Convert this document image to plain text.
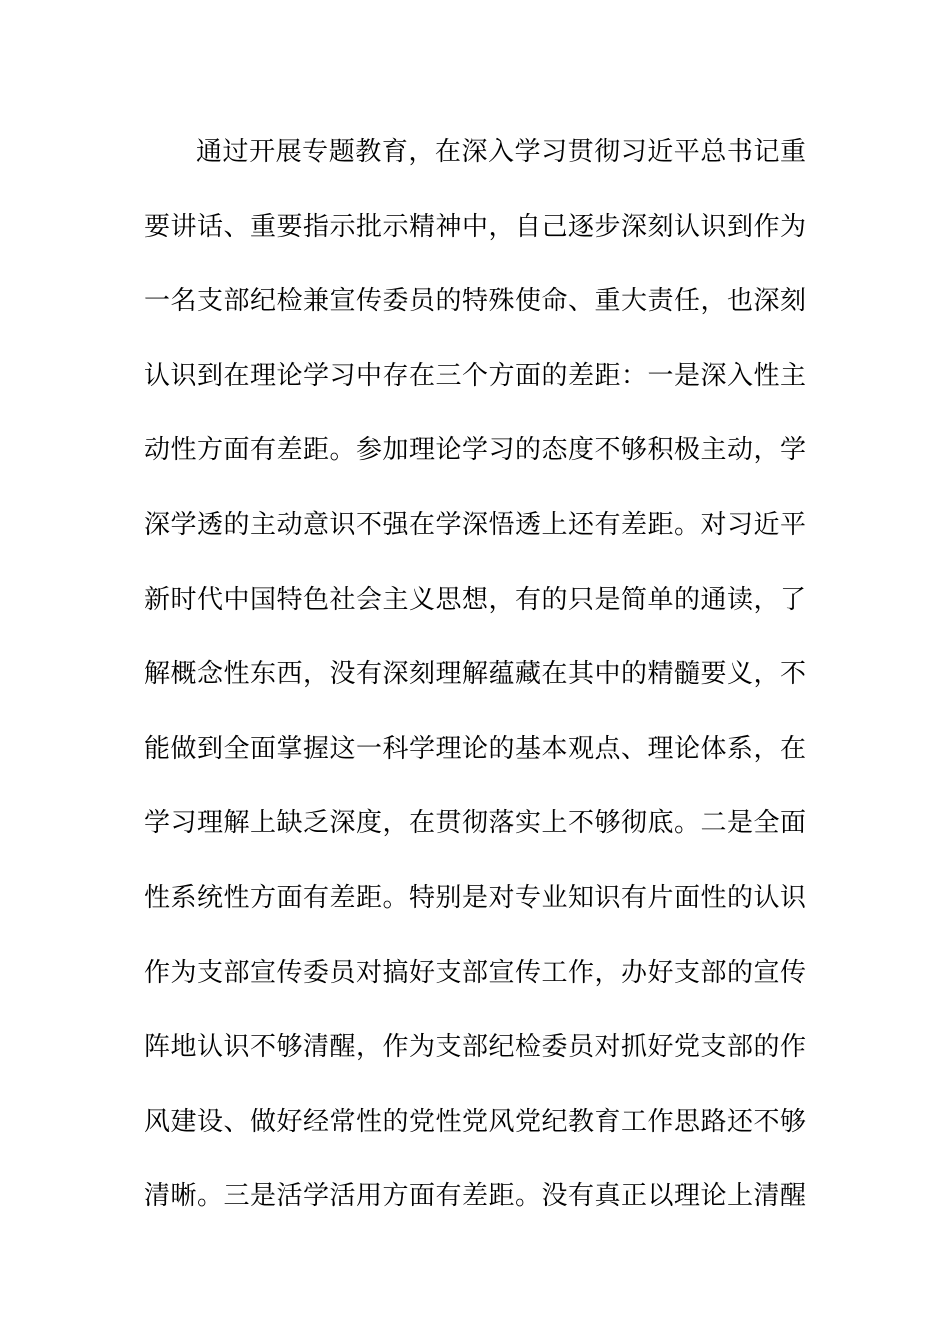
通过开展专题教育，在深入学习贯彻习近平总书记重
要讲话、重要指示批示精神中，自己逐步深刻认识到作为
一名支部纪检兼宣传委员的特殊使命、重大责任，也深刻
认识到在理论学习中存在三个方面的差距：一是深入性主
动性方面有差距。参加理论学习的态度不够积极主动，学
深学透的主动意识不强在学深悟透上还有差距。对习近平
新时代中国特色社会主义思想，有的只是简单的通读，了
解概念性东西，没有深刻理解蕴藏在其中的精髓要义，不
能做到全面掌握这一科学理论的基本观点、理论体系，在
学习理解上缺乏深度，在贯彻落实上不够彻底。二是全面
性系统性方面有差距。特别是对专业知识有片面性的认识
作为支部宣传委员对搞好支部宣传工作，办好支部的宣传
阵地认识不够清醒，作为支部纪检委员对抓好党支部的作
风建设、做好经常性的党性党风党纪教育工作思路还不够
清晰。三是活学活用方面有差距。没有真正以理论上清醒
